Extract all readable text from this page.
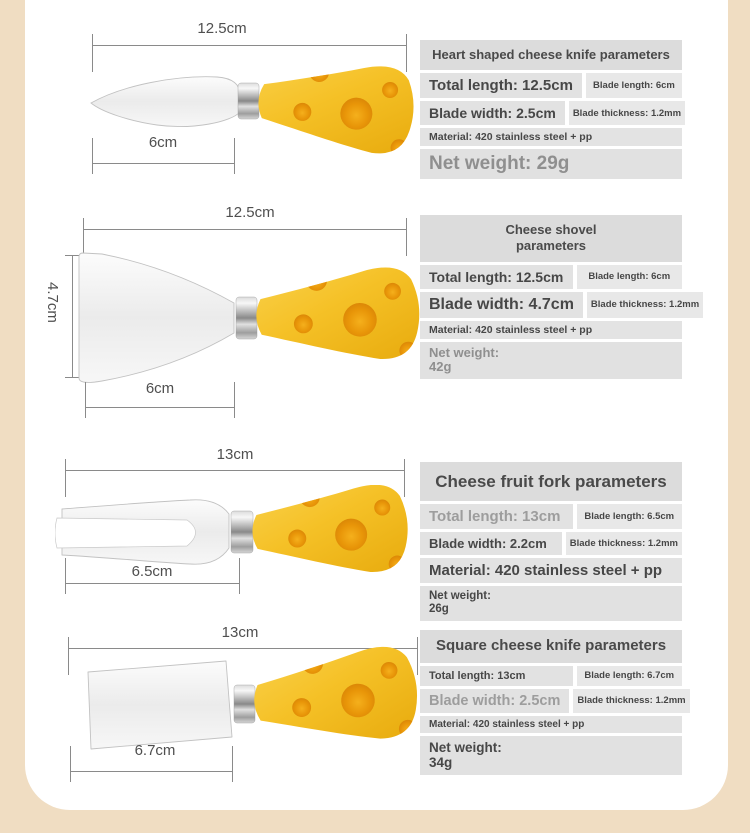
12.5cm
6cm
Heart shaped cheese knife parameters
Total length: 12.5cm	Blade length: 6cm
Blade width: 2.5cm	Blade thickness: 1.2mm
Material: 420 stainless steel + pp
Net weight: 29g
12.5cm
4.7cm
6cm
Cheese shovel
parameters
Total length: 12.5cm	Blade length: 6cm
Blade width: 4.7cm	Blade thickness: 1.2mm
Material: 420 stainless steel + pp
Net weight:
42g
13cm
6.5cm
Cheese fruit fork parameters
Total length: 13cm	Blade length: 6.5cm
Blade width: 2.2cm	Blade thickness: 1.2mm
Material: 420 stainless steel + pp
Net weight:
26g
13cm
6.7cm
Square cheese knife parameters
Total length: 13cm	Blade length: 6.7cm
Blade width: 2.5cm	Blade thickness: 1.2mm
Material: 420 stainless steel + pp
Net weight:
34g
